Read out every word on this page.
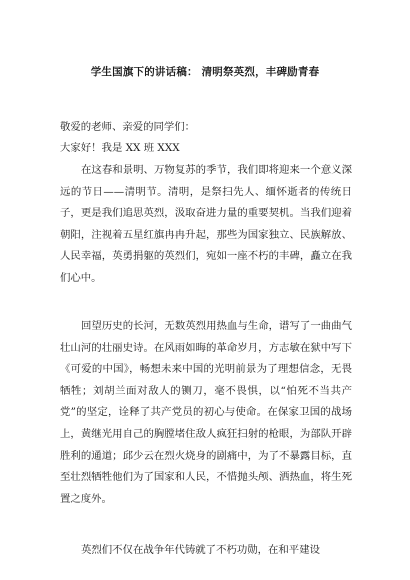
学生国旗下的讲话稿： 清明祭英烈，丰碑励青春
敬爱的老师、亲爱的同学们：
大家好！我是 XX 班 XXX
在这春和景明、万物复苏的季节，我们即将迎来一个意义深远的节日——清明节。清明，是祭扫先人、缅怀逝者的传统日子，更是我们追思英烈，汲取奋进力量的重要契机。当我们迎着朝阳，注视着五星红旗冉冉升起，那些为国家独立、民族解放、人民幸福，英勇捐躯的英烈们，宛如一座不朽的丰碑，矗立在我们心中。
回望历史的长河，无数英烈用热血与生命，谱写了一曲曲气壮山河的壮丽史诗。在风雨如晦的革命岁月，方志敏在狱中写下《可爱的中国》，畅想未来中国的光明前景为了理想信念，无畏牺牲；刘胡兰面对敌人的铡刀，毫不畏惧，以“怕死不当共产党”的坚定，诠释了共产党员的初心与使命。在保家卫国的战场上，黄继光用自己的胸膛堵住敌人疯狂扫射的枪眼，为部队开辟胜利的通道；邱少云在烈火烧身的剧痛中，为了不暴露目标，直至壮烈牺牲他们为了国家和人民，不惜抛头颅、洒热血，将生死置之度外。
英烈们不仅在战争年代铸就了不朽功勋，在和平建设
